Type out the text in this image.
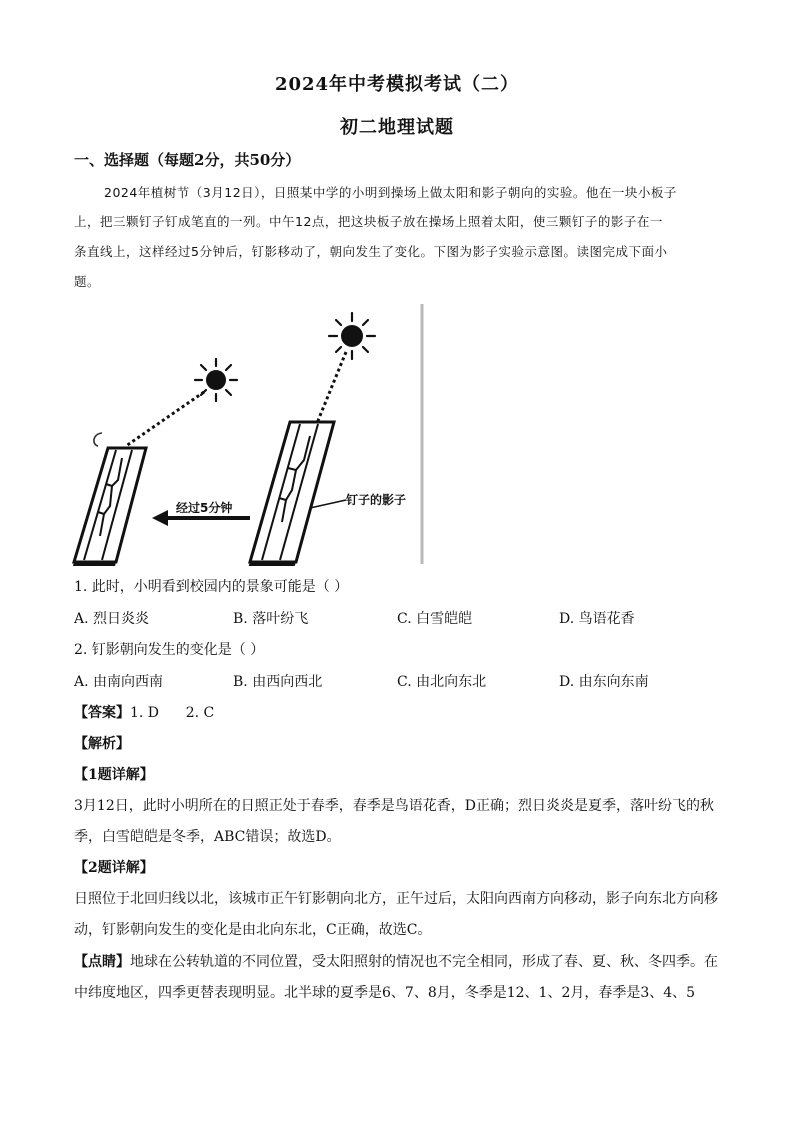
2024年中考模拟考试（二）
初二地理试题
一、选择题（每题2分，共50分）
2024年植树节（3月12日），日照某中学的小明到操场上做太阳和影子朝向的实验。他在一块小板子
上，把三颗钉子钉成笔直的一列。中午12点，把这块板子放在操场上照着太阳，使三颗钉子的影子在一
条直线上，这样经过5分钟后，钉影移动了，朝向发生了变化。下图为影子实验示意图。读图完成下面小
题。
经过5分钟
钉子的影子
1. 此时，小明看到校园内的景象可能是（ ）
A. 烈日炎炎	B. 落叶纷飞	C. 白雪皑皑	D. 鸟语花香
2. 钉影朝向发生的变化是（ ）
A. 由南向西南	B. 由西向西北	C. 由北向东北	D. 由东向东南
【答案】1. D      2. C
【解析】
【1题详解】
3月12日，此时小明所在的日照正处于春季，春季是鸟语花香，D正确；烈日炎炎是夏季，落叶纷飞的秋
季，白雪皑皑是冬季，ABC错误；故选D。
【2题详解】
日照位于北回归线以北，该城市正午钉影朝向北方，正午过后，太阳向西南方向移动，影子向东北方向移
动，钉影朝向发生的变化是由北向东北，C正确，故选C。
【点睛】地球在公转轨道的不同位置，受太阳照射的情况也不完全相同，形成了春、夏、秋、冬四季。在
中纬度地区，四季更替表现明显。北半球的夏季是6、7、8月，冬季是12、1、2月，春季是3、4、5
